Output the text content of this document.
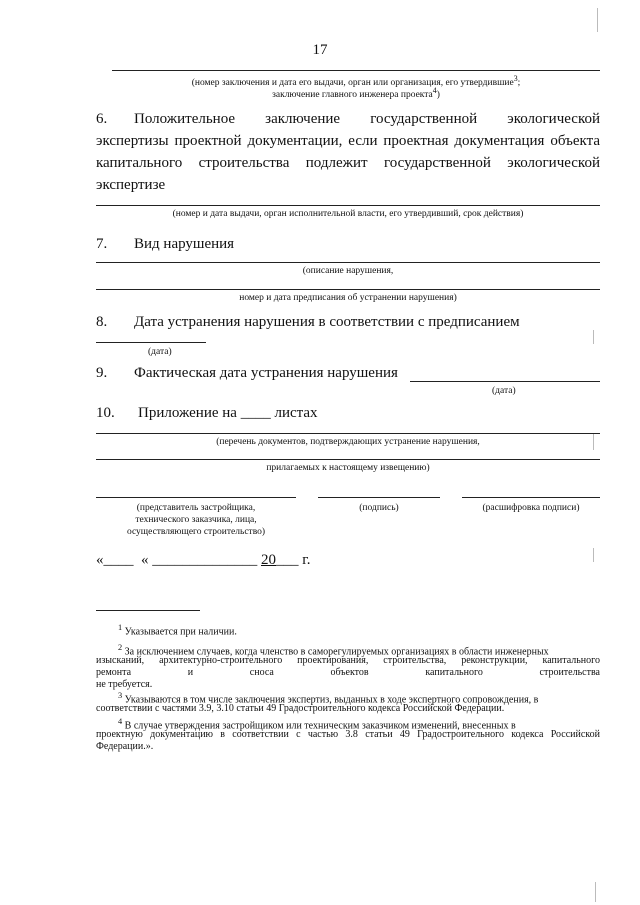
17
(номер заключения и дата его выдачи, орган или организация, его утвердившие$^3$;
заключение главного инженера проекта$^4$)
6. Положительное заключение государственной экологической
экспертизы проектной документации, если проектная документация объекта
капитального строительства подлежит государственной экологической
экспертизе
(номер и дата выдачи, орган исполнительной власти, его утвердивший, срок действия)
7. Вид нарушения
(описание нарушения,
номер и дата предписания об устранении нарушения)
8. Дата устранения нарушения в соответствии с предписанием
(дата)
9. Фактическая дата устранения нарушения
(дата)
10. Приложение на ____ листах
(перечень документов, подтверждающих устранение нарушения,
прилагаемых к настоящему извещению)
(представитель застройщика,
технического заказчика, лица,
осуществляющего строительство)
(подпись)	(расшифровка подписи)
«____ « ______________ 20___ г.
$^1$ Указывается при наличии.
$^2$ За исключением случаев, когда членство в саморегулируемых организациях в области инженерных
изысканий, архитектурно-строительного проектирования, строительства, реконструкции, капитального
ремонта и сноса объектов капитального строительства
не требуется.
$^3$ Указываются в том числе заключения экспертиз, выданных в ходе экспертного сопровождения, в
соответствии с частями 3.9, 3.10 статьи 49 Градостроительного кодекса Российской Федерации.
$^4$ В случае утверждения застройщиком или техническим заказчиком изменений, внесенных в
проектную документацию в соответствии с частью 3.8 статьи 49 Градостроительного кодекса Российской
Федерации.».
